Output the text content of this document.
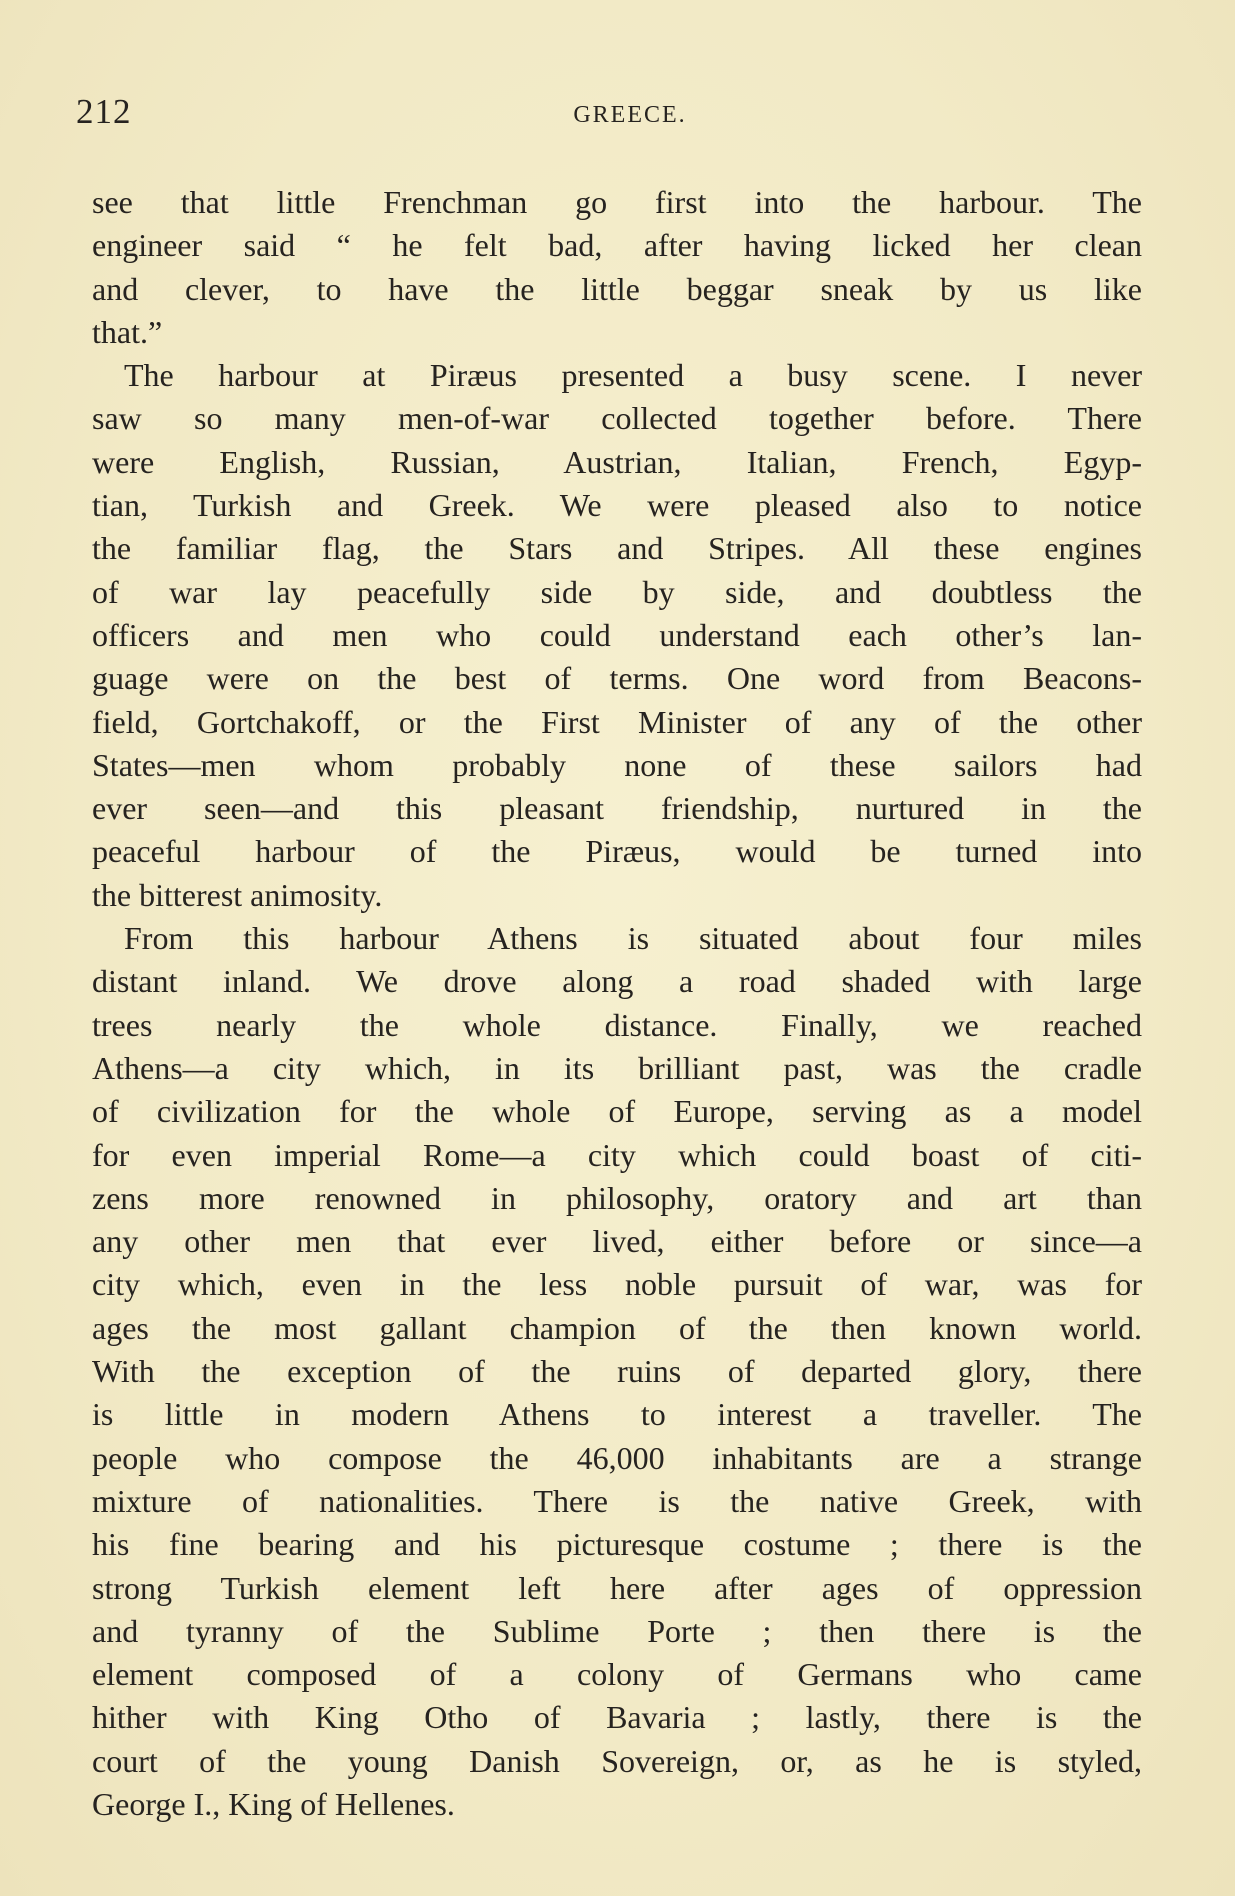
212	GREECE.
see that little Frenchman go first into the harbour. The
engineer said “ he felt bad, after having licked her clean
and clever, to have the little beggar sneak by us like
that.”
The harbour at Piræus presented a busy scene. I never
saw so many men-of-war collected together before. There
were English, Russian, Austrian, Italian, French, Egyp-
tian, Turkish and Greek. We were pleased also to notice
the familiar flag, the Stars and Stripes. All these engines
of war lay peacefully side by side, and doubtless the
officers and men who could understand each other’s lan-
guage were on the best of terms. One word from Beacons-
field, Gortchakoff, or the First Minister of any of the other
States—men whom probably none of these sailors had
ever seen—and this pleasant friendship, nurtured in the
peaceful harbour of the Piræus, would be turned into
the bitterest animosity.
From this harbour Athens is situated about four miles
distant inland. We drove along a road shaded with large
trees nearly the whole distance. Finally, we reached
Athens—a city which, in its brilliant past, was the cradle
of civilization for the whole of Europe, serving as a model
for even imperial Rome—a city which could boast of citi-
zens more renowned in philosophy, oratory and art than
any other men that ever lived, either before or since—a
city which, even in the less noble pursuit of war, was for
ages the most gallant champion of the then known world.
With the exception of the ruins of departed glory, there
is little in modern Athens to interest a traveller. The
people who compose the 46,000 inhabitants are a strange
mixture of nationalities. There is the native Greek, with
his fine bearing and his picturesque costume ; there is the
strong Turkish element left here after ages of oppression
and tyranny of the Sublime Porte ; then there is the
element composed of a colony of Germans who came
hither with King Otho of Bavaria ; lastly, there is the
court of the young Danish Sovereign, or, as he is styled,
George I., King of Hellenes.
